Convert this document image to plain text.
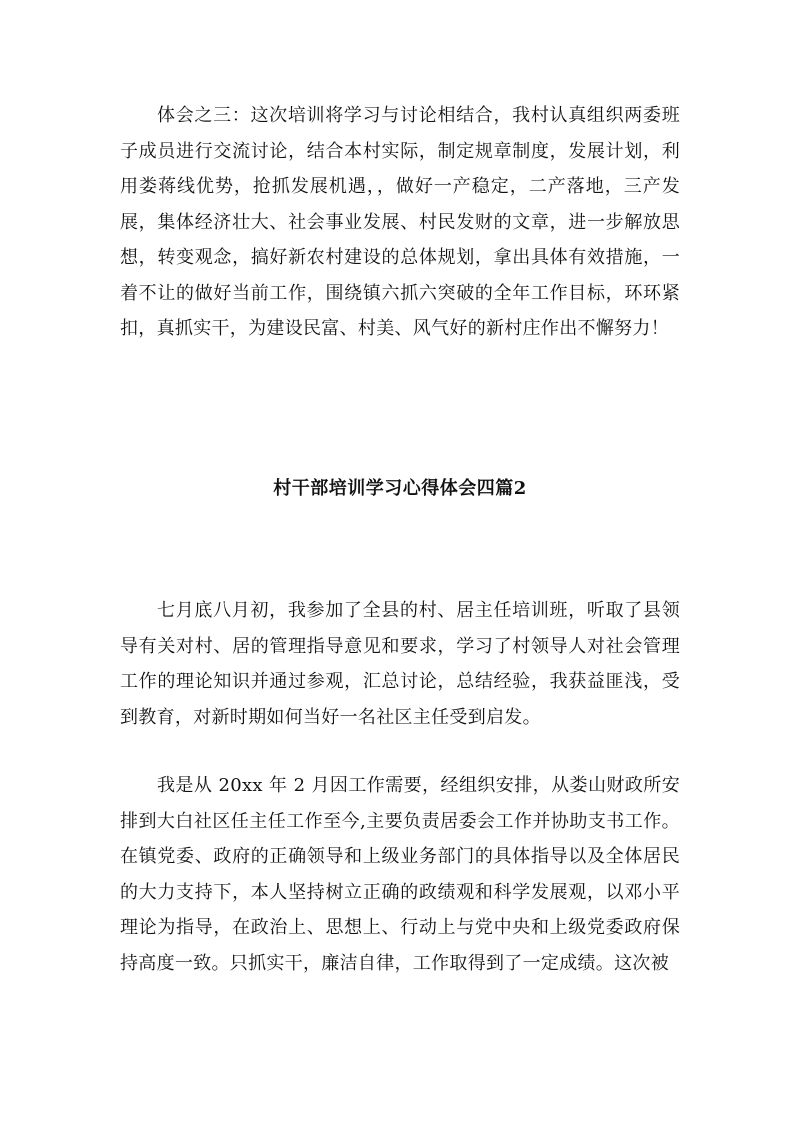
体会之三：这次培训将学习与讨论相结合，我村认真组织两委班子成员进行交流讨论，结合本村实际，制定规章制度，发展计划，利用娄蒋线优势，抢抓发展机遇，，做好一产稳定，二产落地，三产发展，集体经济壮大、社会事业发展、村民发财的文章，进一步解放思想，转变观念，搞好新农村建设的总体规划，拿出具体有效措施，一着不让的做好当前工作，围绕镇六抓六突破的全年工作目标，环环紧扣，真抓实干，为建设民富、村美、风气好的新村庄作出不懈努力！

村干部培训学习心得体会四篇2

七月底八月初，我参加了全县的村、居主任培训班，听取了县领导有关对村、居的管理指导意见和要求，学习了村领导人对社会管理工作的理论知识并通过参观，汇总讨论，总结经验，我获益匪浅，受到教育，对新时期如何当好一名社区主任受到启发。

我是从 20xx 年 2 月因工作需要，经组织安排，从娄山财政所安排到大白社区任主任工作至今,主要负责居委会工作并协助支书工作。在镇党委、政府的正确领导和上级业务部门的具体指导以及全体居民的大力支持下，本人坚持树立正确的政绩观和科学发展观，以邓小平理论为指导，在政治上、思想上、行动上与党中央和上级党委政府保持高度一致。只抓实干，廉洁自律，工作取得到了一定成绩。这次被
